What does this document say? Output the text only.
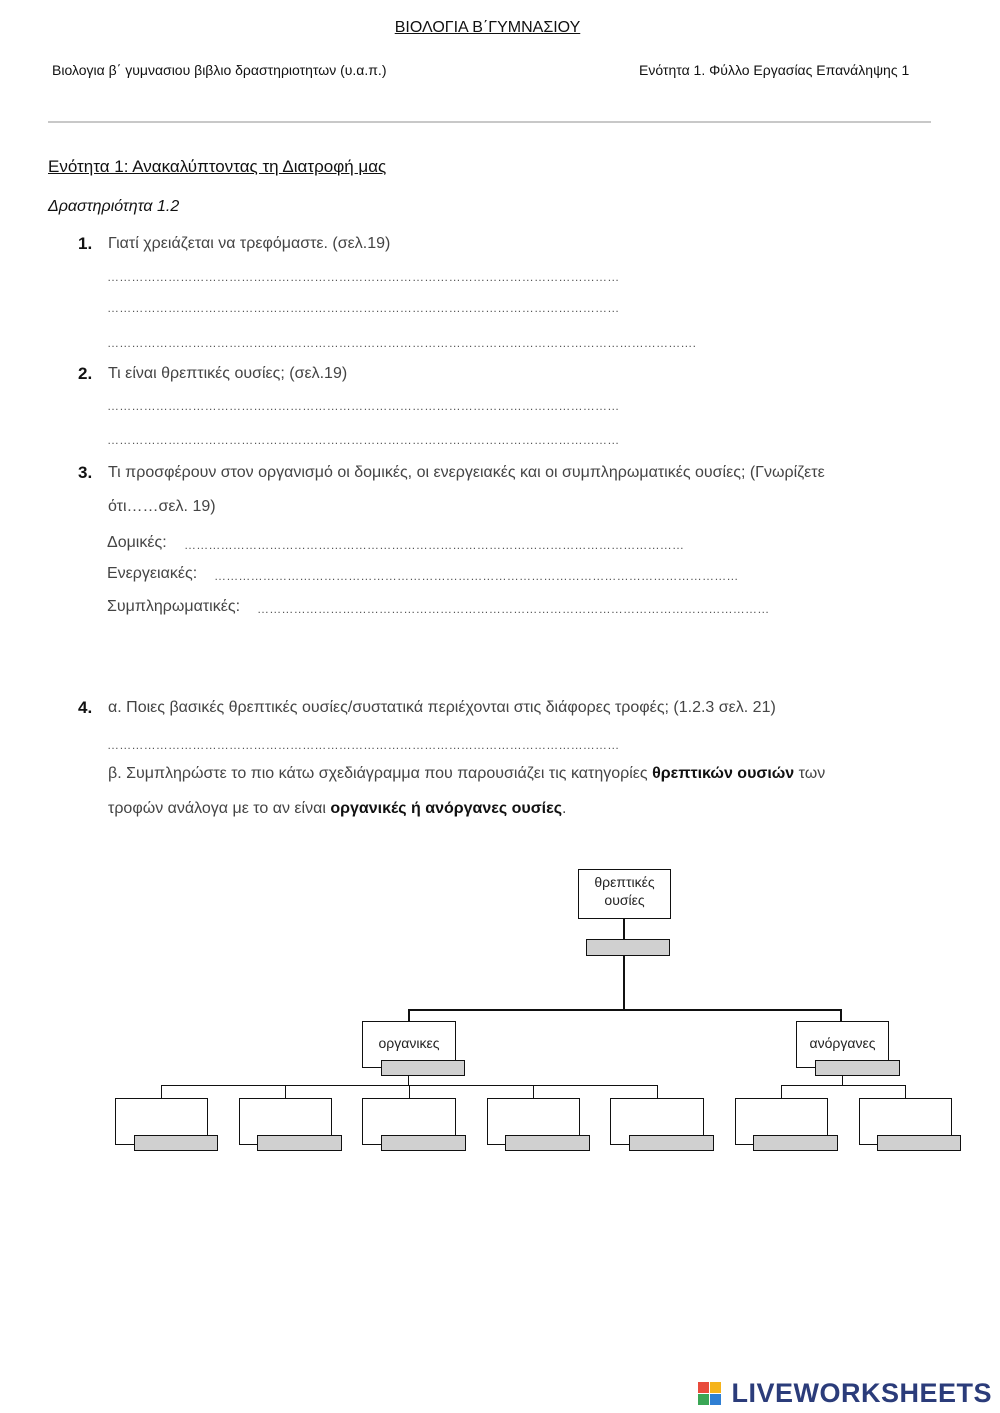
ΒΙΟΛΟΓΙΑ Β΄ΓΥΜΝΑΣΙΟΥ
Βιολογια β΄ γυμνασιου βιβλιο δραστηριοτητων (υ.α.π.)	Ενότητα 1. Φύλλο Εργασίας Επανάληψης 1
Ενότητα 1: Ανακαλύπτοντας τη Διατροφή μας
Δραστηριότητα 1.2
1. Γιατί χρειάζεται να τρεφόμαστε. (σελ.19)
………………………………………………………………………………………………………………
………………………………………………………………………………………………………………
……………………………………………………………………………………………………………………………….
2. Τι είναι θρεπτικές ουσίες; (σελ.19)
………………………………………………………………………………………………………………
………………………………………………………………………………………………………………
3. Τι προσφέρουν στον οργανισμό οι δομικές, οι ενεργειακές και οι συμπληρωματικές ουσίες; (Γνωρίζετε
ότι……σελ. 19)
Δομικές: ……………………………………………………………………………………………………………
Ενεργειακές: …………………………………………………………………………………………………………………
Συμπληρωματικές: ………………………………………………………………………………………………………………
4. α. Ποιες βασικές θρεπτικές ουσίες/συστατικά περιέχονται στις διάφορες τροφές; (1.2.3 σελ. 21)
………………………………………………………………………………………………………………
β. Συμπληρώστε το πιο κάτω σχεδιάγραμμα που παρουσιάζει τις κατηγορίες θρεπτικών ουσιών των
τροφών ανάλογα με το αν είναι οργανικές ή ανόργανες ουσίες.
θρεπτικές
ουσίες
οργανικες	ανόργανες
LIVEWORKSHEETS
